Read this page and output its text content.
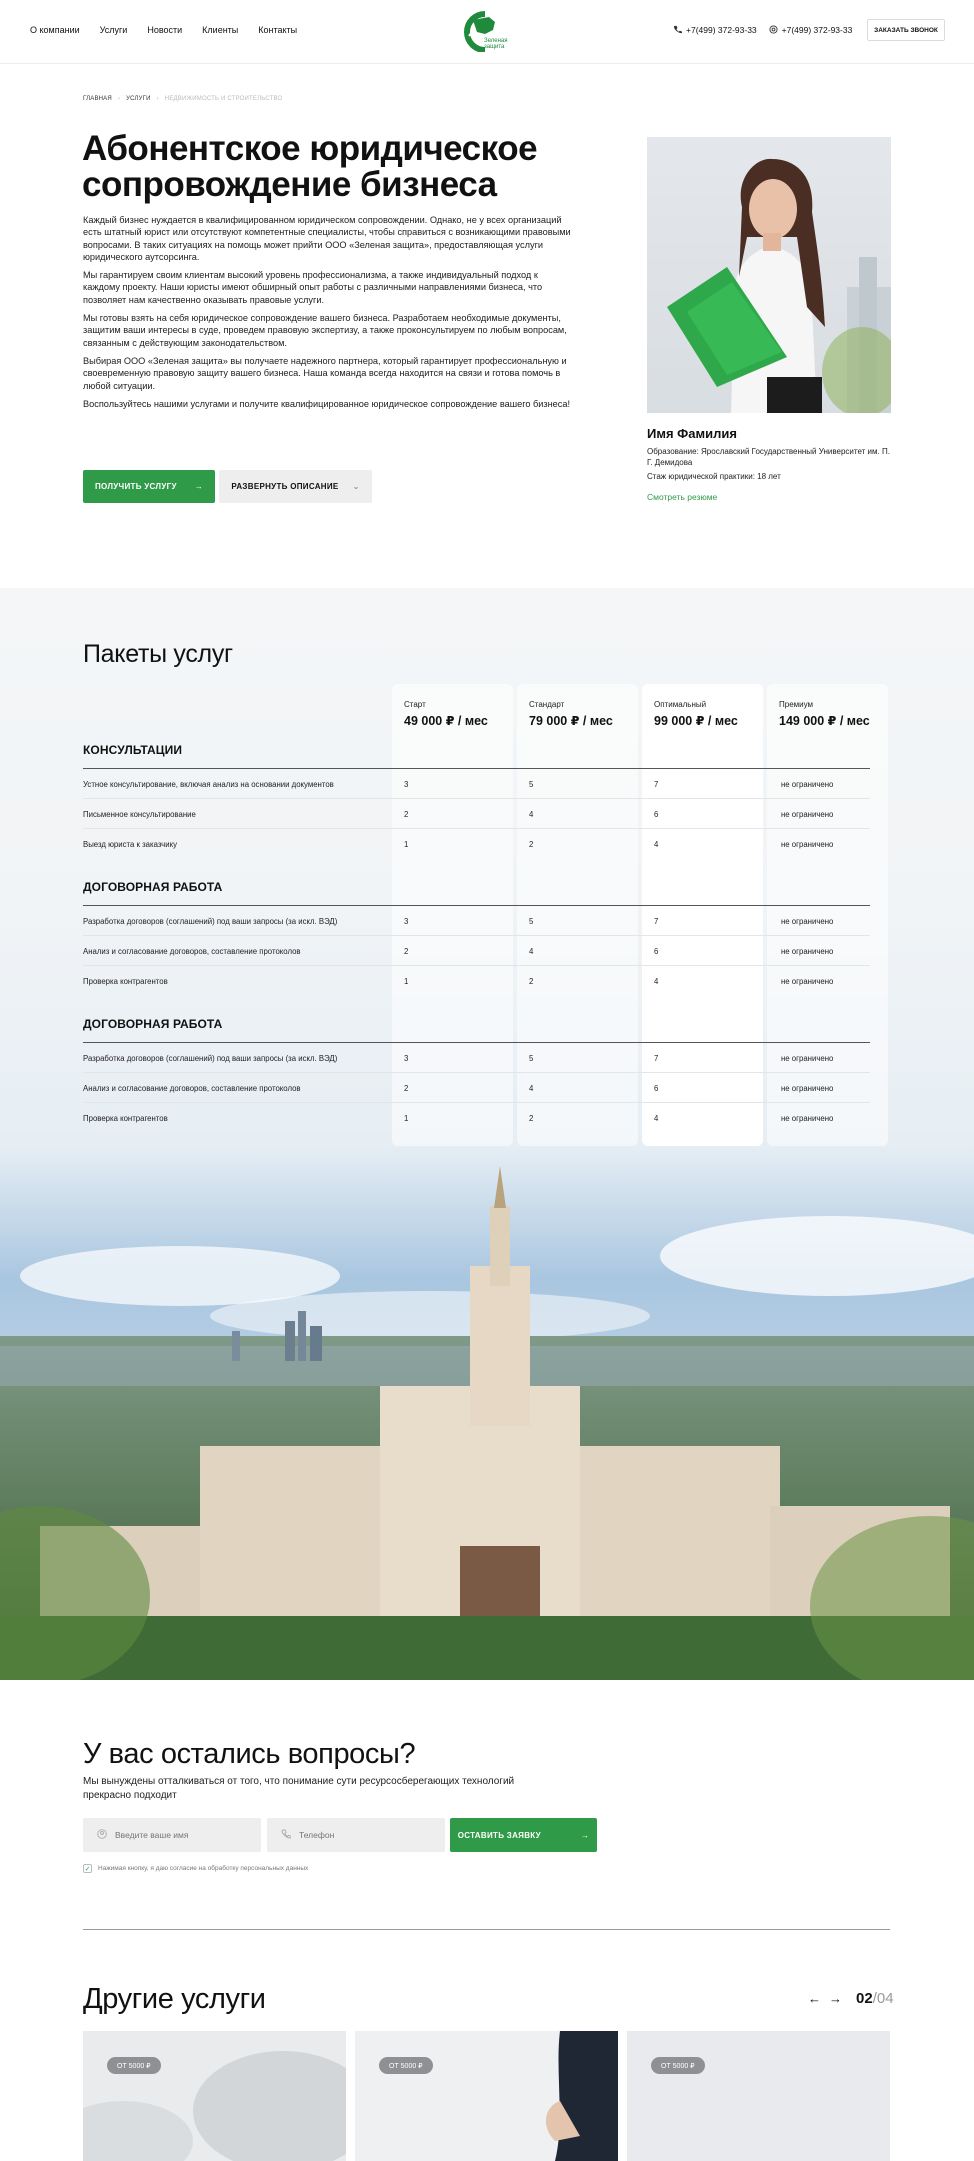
О компании Услуги Новости Клиенты Контакты
Зеленая
защита
+7(499) 372-93-33	+7(499) 372-93-33	ЗАКАЗАТЬ ЗВОНОК
ГЛАВНАЯ › УСЛУГИ › НЕДВИЖИМОСТЬ И СТРОИТЕЛЬСТВО
Абонентское юридическое сопровождение бизнеса

Каждый бизнес нуждается в квалифицированном юридическом сопровождении. Однако, не у всех организаций есть штатный юрист или отсутствуют компетентные специалисты, чтобы справиться с возникающими правовыми вопросами. В таких ситуациях на помощь может прийти ООО «Зеленая защита», предоставляющая услуги юридического аутсорсинга.

Мы гарантируем своим клиентам высокий уровень профессионализма, а также индивидуальный подход к каждому проекту. Наши юристы имеют обширный опыт работы с различными направлениями бизнеса, что позволяет нам качественно оказывать правовые услуги.

Мы готовы взять на себя юридическое сопровождение вашего бизнеса. Разработаем необходимые документы, защитим ваши интересы в суде, проведем правовую экспертизу, а также проконсультируем по любым вопросам, связанным с действующим законодательством.

Выбирая ООО «Зеленая защита» вы получаете надежного партнера, который гарантирует профессиональную и своевременную правовую защиту вашего бизнеса. Наша команда всегда находится на связи и готова помочь в любой ситуации.

Воспользуйтесь нашими услугами и получите квалифицированное юридическое сопровождение вашего бизнеса!

ПОЛУЧИТЬ УСЛУГУ →	РАЗВЕРНУТЬ ОПИСАНИЕ ⌄
Имя Фамилия
Образование: Ярославский Государственный Университет им. П. Г. Демидова
Стаж юридической практики: 18 лет
Смотреть резюме
Пакеты услуг
Старт
49 000 ₽ / мес
Стандарт
79 000 ₽ / мес
Оптимальный
99 000 ₽ / мес
Премиум
149 000 ₽ / мес
КОНСУЛЬТАЦИИ
Устное консультирование, включая анализ на основании документов	3	5	7	не ограничено
Письменное консультирование	2	4	6	не ограничено
Выезд юриста к заказчику	1	2	4	не ограничено
ДОГОВОРНАЯ РАБОТА
Разработка договоров (соглашений) под ваши запросы (за искл. ВЭД)	3	5	7	не ограничено
Анализ и согласование договоров, составление протоколов	2	4	6	не ограничено
Проверка контрагентов	1	2	4	не ограничено
ДОГОВОРНАЯ РАБОТА
Разработка договоров (соглашений) под ваши запросы (за искл. ВЭД)	3	5	7	не ограничено
Анализ и согласование договоров, составление протоколов	2	4	6	не ограничено
Проверка контрагентов	1	2	4	не ограничено
У вас остались вопросы?
Мы вынуждены отталкиваться от того, что понимание сути ресурсосберегающих технологий прекрасно подходит
Введите ваше имя
Телефон
ОСТАВИТЬ ЗАЯВКУ	→
✓ Нажимая кнопку, я даю согласие на обработку персональных данных
Другие услуги	← → 02/04
ОТ 5000 ₽	ОТ 5000 ₽	ОТ 5000 ₽
